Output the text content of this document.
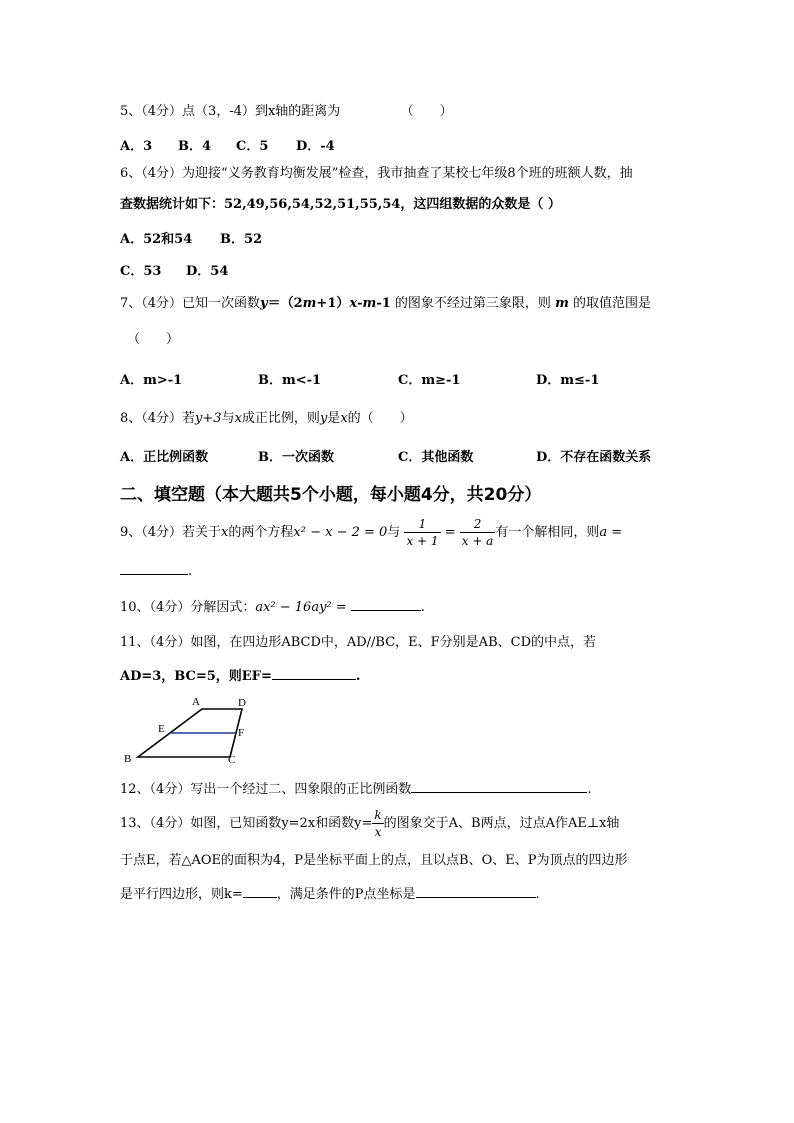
5、（4分）点（3，-4）到x轴的距离为	（　　）
A．3 B．4 C．5 D．-4
6、（4分）为迎接“义务教育均衡发展”检查，我市抽查了某校七年级8个班的班额人数，抽
查数据统计如下：52,49,56,54,52,51,55,54，这四组数据的众数是（ ）
A．52和54 B．52
C．53 D．54
7、（4分）已知一次函数y＝（2m+1）x-m-1 的图象不经过第三象限，则 m 的取值范围是
（　　）
A．m>-1	B．m<-1	C．m≥-1	D．m≤-1
8、（4分）若y+3与x成正比例，则y是x的（　　）
A．正比例函数	B．一次函数	C．其他函数	D．不存在函数关系
二、填空题（本大题共5个小题，每小题4分，共20分）
9、（4分）若关于x的两个方程x² − x − 2 = 0与 $\frac{1}{x + 1} = \frac{2}{x + a}$ 有一个解相同，则a =
.
10、（4分）分解因式：ax² − 16ay² =	.
11、（4分）如图，在四边形ABCD中，AD//BC，E、F分别是AB、CD的中点，若
AD=3，BC=5，则EF=	.
A	D
E	F
B	C
12、（4分）写出一个经过二、四象限的正比例函数	.
13、（4分）如图，已知函数y=2x和函数$y= \frac{k}{x}$ 的图象交于A、B两点，过点A作AE⊥x轴
于点E，若△AOE的面积为4，P是坐标平面上的点，且以点B、O、E、P为顶点的四边形
是平行四边形，则k=	，满足条件的P点坐标是	.
